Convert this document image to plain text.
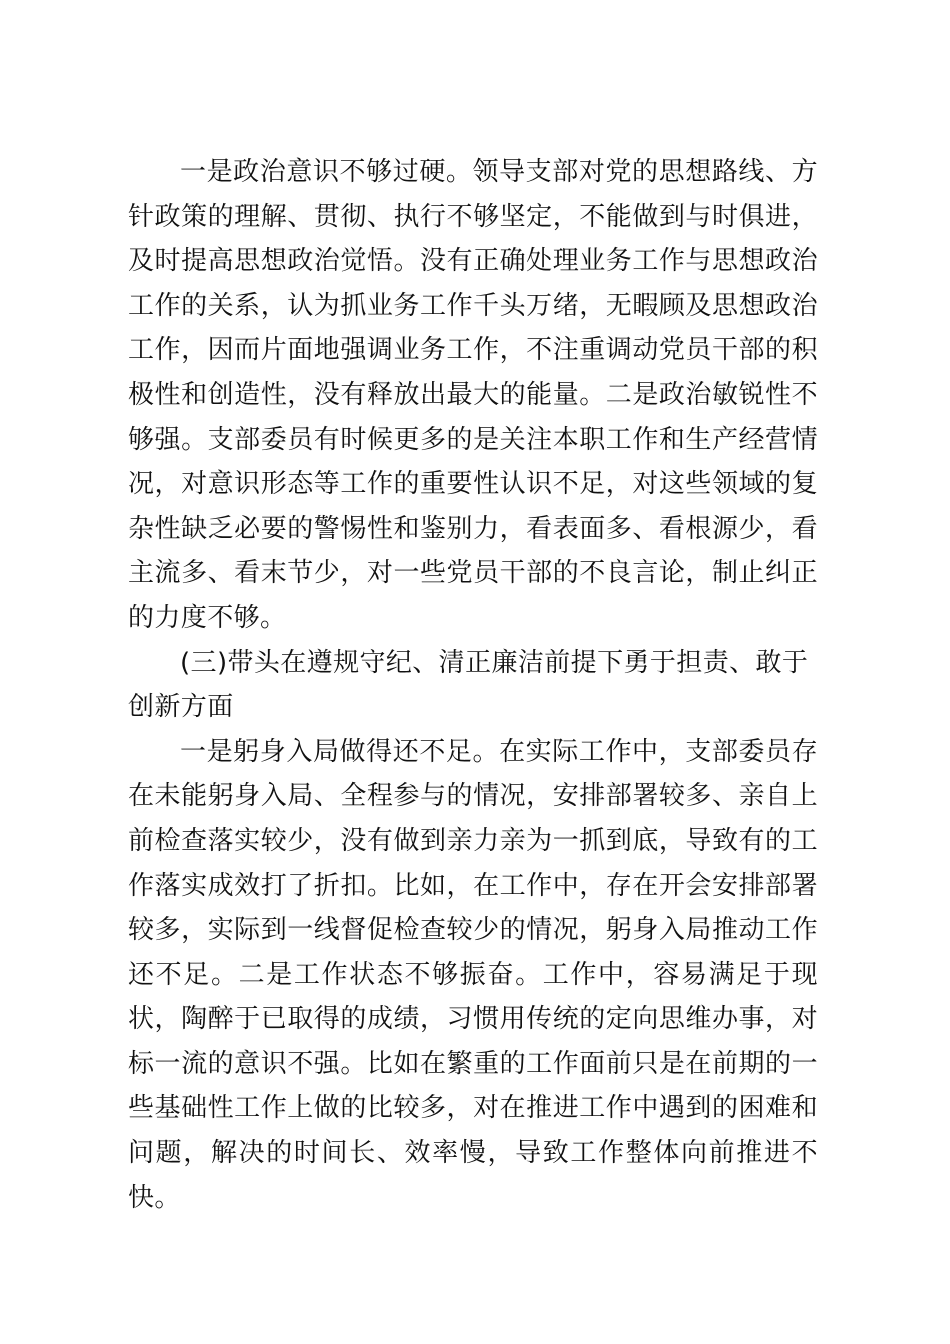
一是政治意识不够过硬。领导支部对党的思想路线、方针政策的理解、贯彻、执行不够坚定，不能做到与时俱进，及时提高思想政治觉悟。没有正确处理业务工作与思想政治工作的关系，认为抓业务工作千头万绪，无暇顾及思想政治工作，因而片面地强调业务工作，不注重调动党员干部的积极性和创造性，没有释放出最大的能量。二是政治敏锐性不够强。支部委员有时候更多的是关注本职工作和生产经营情况，对意识形态等工作的重要性认识不足，对这些领域的复杂性缺乏必要的警惕性和鉴别力，看表面多、看根源少，看主流多、看末节少，对一些党员干部的不良言论，制止纠正的力度不够。

(三)带头在遵规守纪、清正廉洁前提下勇于担责、敢于创新方面

一是躬身入局做得还不足。在实际工作中，支部委员存在未能躬身入局、全程参与的情况，安排部署较多、亲自上前检查落实较少，没有做到亲力亲为一抓到底，导致有的工作落实成效打了折扣。比如，在工作中，存在开会安排部署较多，实际到一线督促检查较少的情况，躬身入局推动工作还不足。二是工作状态不够振奋。工作中，容易满足于现状，陶醉于已取得的成绩，习惯用传统的定向思维办事，对标一流的意识不强。比如在繁重的工作面前只是在前期的一些基础性工作上做的比较多，对在推进工作中遇到的困难和问题，解决的时间长、效率慢，导致工作整体向前推进不快。
